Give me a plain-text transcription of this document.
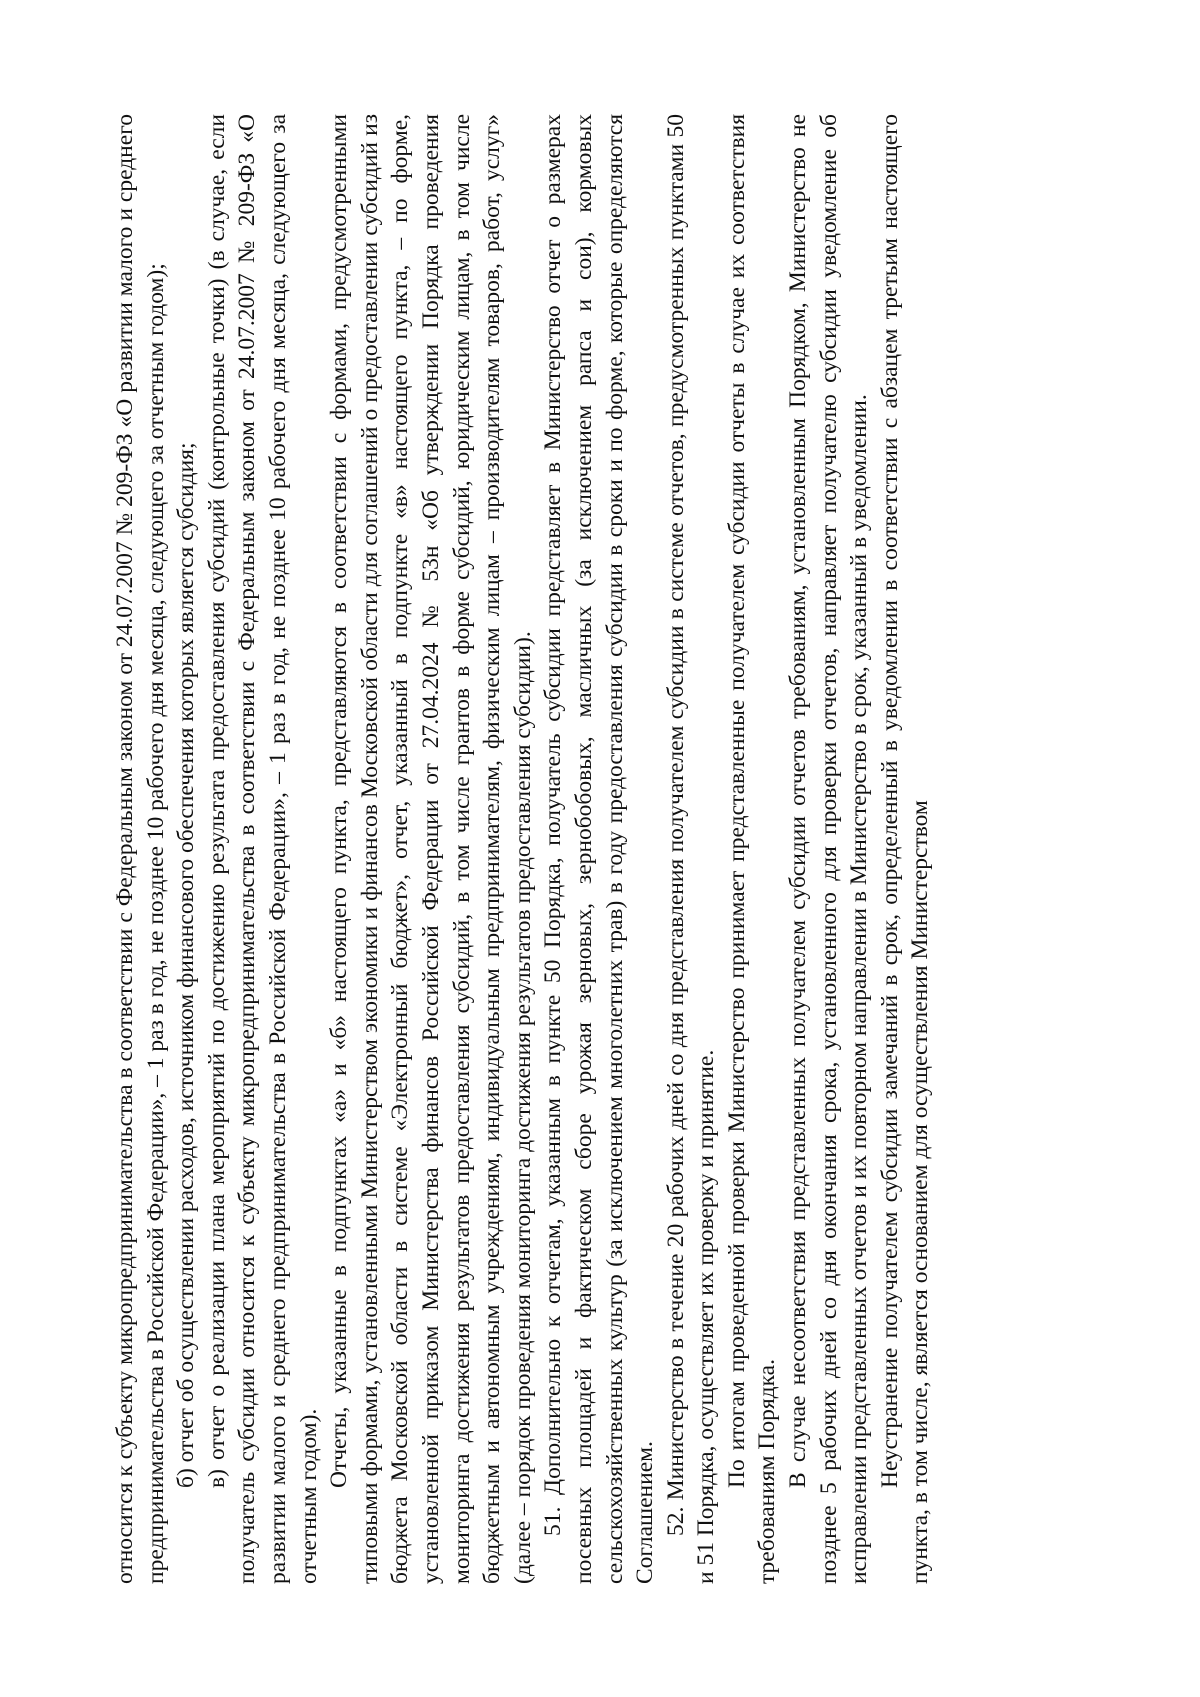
относится к субъекту микропредпринимательства в соответствии с Федеральным законом от 24.07.2007 № 209-ФЗ «О развитии малого и среднего предпринимательства в Российской Федерации», – 1 раз в год, не позднее 10 рабочего дня месяца, следующего за отчетным годом); б) отчет об осуществлении расходов, источником финансового обеспечения которых является субсидия; в) отчет о реализации плана мероприятий по достижению результата предоставления субсидий (контрольные точки) (в случае, если получатель субсидии относится к субъекту микропредпринимательства в соответствии с Федеральным законом от 24.07.2007 № 209-ФЗ «О развитии малого и среднего предпринимательства в Российской Федерации», – 1 раз в год, не позднее 10 рабочего дня месяца, следующего за отчетным годом).

Отчеты, указанные в подпунктах «а» и «б» настоящего пункта, представляются в соответствии с формами, предусмотренными типовыми формами, установленными Министерством экономики и финансов Московской области для соглашений о предоставлении субсидий из бюджета Московской области в системе «Электронный бюджет», отчет, указанный в подпункте «в» настоящего пункта, – по форме, установленной приказом Министерства финансов Российской Федерации от 27.04.2024 № 53н «Об утверждении Порядка проведения мониторинга достижения результатов предоставления субсидий, в том числе грантов в форме субсидий, юридическим лицам, в том числе бюджетным и автономным учреждениям, индивидуальным предпринимателям, физическим лицам – производителям товаров, работ, услуг» (далее – порядок проведения мониторинга достижения результатов предоставления субсидии). 51. Дополнительно к отчетам, указанным в пункте 50 Порядка, получатель субсидии представляет в Министерство отчет о размерах посевных площадей и фактическом сборе урожая зерновых, зернобобовых, масличных (за исключением рапса и сои), кормовых сельскохозяйственных культур (за исключением многолетних трав) в году предоставления субсидии в сроки и по форме, которые определяются Соглашением. 52. Министерство в течение 20 рабочих дней со дня представления получателем субсидии в системе отчетов, предусмотренных пунктами 50 и 51 Порядка, осуществляет их проверку и принятие. По итогам проведенной проверки Министерство принимает представленные получателем субсидии отчеты в случае их соответствия требованиям Порядка. В случае несоответствия представленных получателем субсидии отчетов требованиям, установленным Порядком, Министерство не позднее 5 рабочих дней со дня окончания срока, установленного для проверки отчетов, направляет получателю субсидии уведомление об исправлении представленных отчетов и их повторном направлении в Министерство в срок, указанный в уведомлении. Неустранение получателем субсидии замечаний в срок, определенный в уведомлении в соответствии с абзацем третьим настоящего пункта, в том числе, является основанием для осуществления Министерством
